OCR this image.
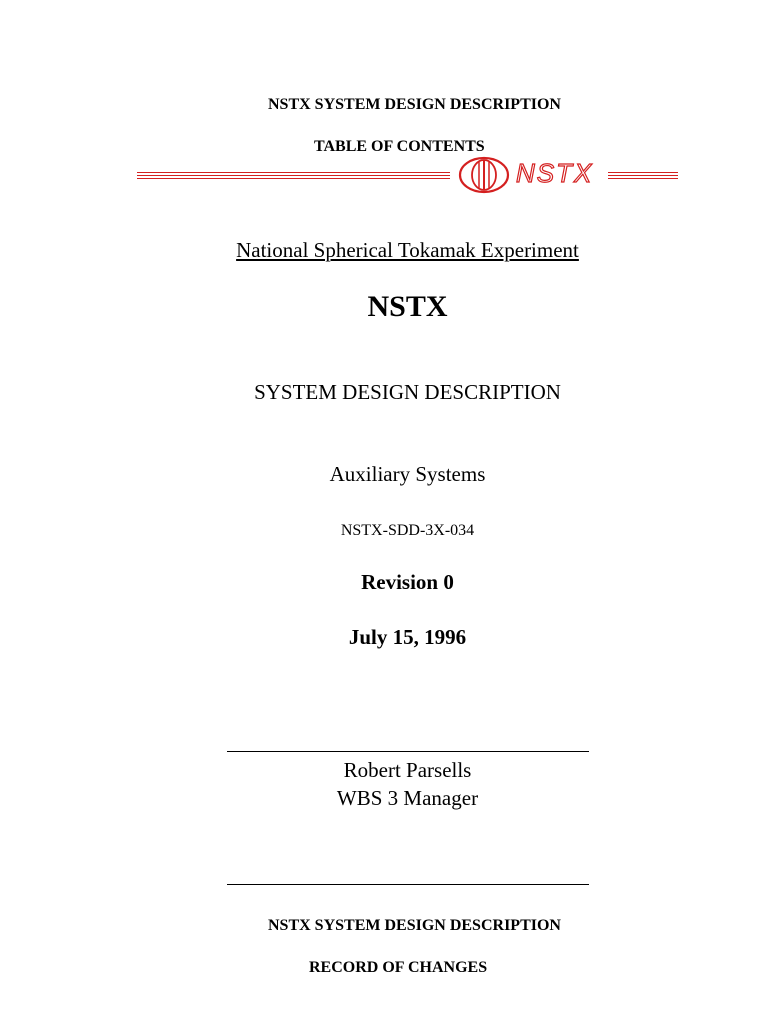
NSTX SYSTEM DESIGN DESCRIPTION
TABLE OF CONTENTS
NSTX
National Spherical Tokamak Experiment
NSTX
SYSTEM DESIGN DESCRIPTION
Auxiliary Systems
NSTX-SDD-3X-034
Revision 0
July 15, 1996
Robert Parsells
WBS 3 Manager
NSTX SYSTEM DESIGN DESCRIPTION
RECORD OF CHANGES
